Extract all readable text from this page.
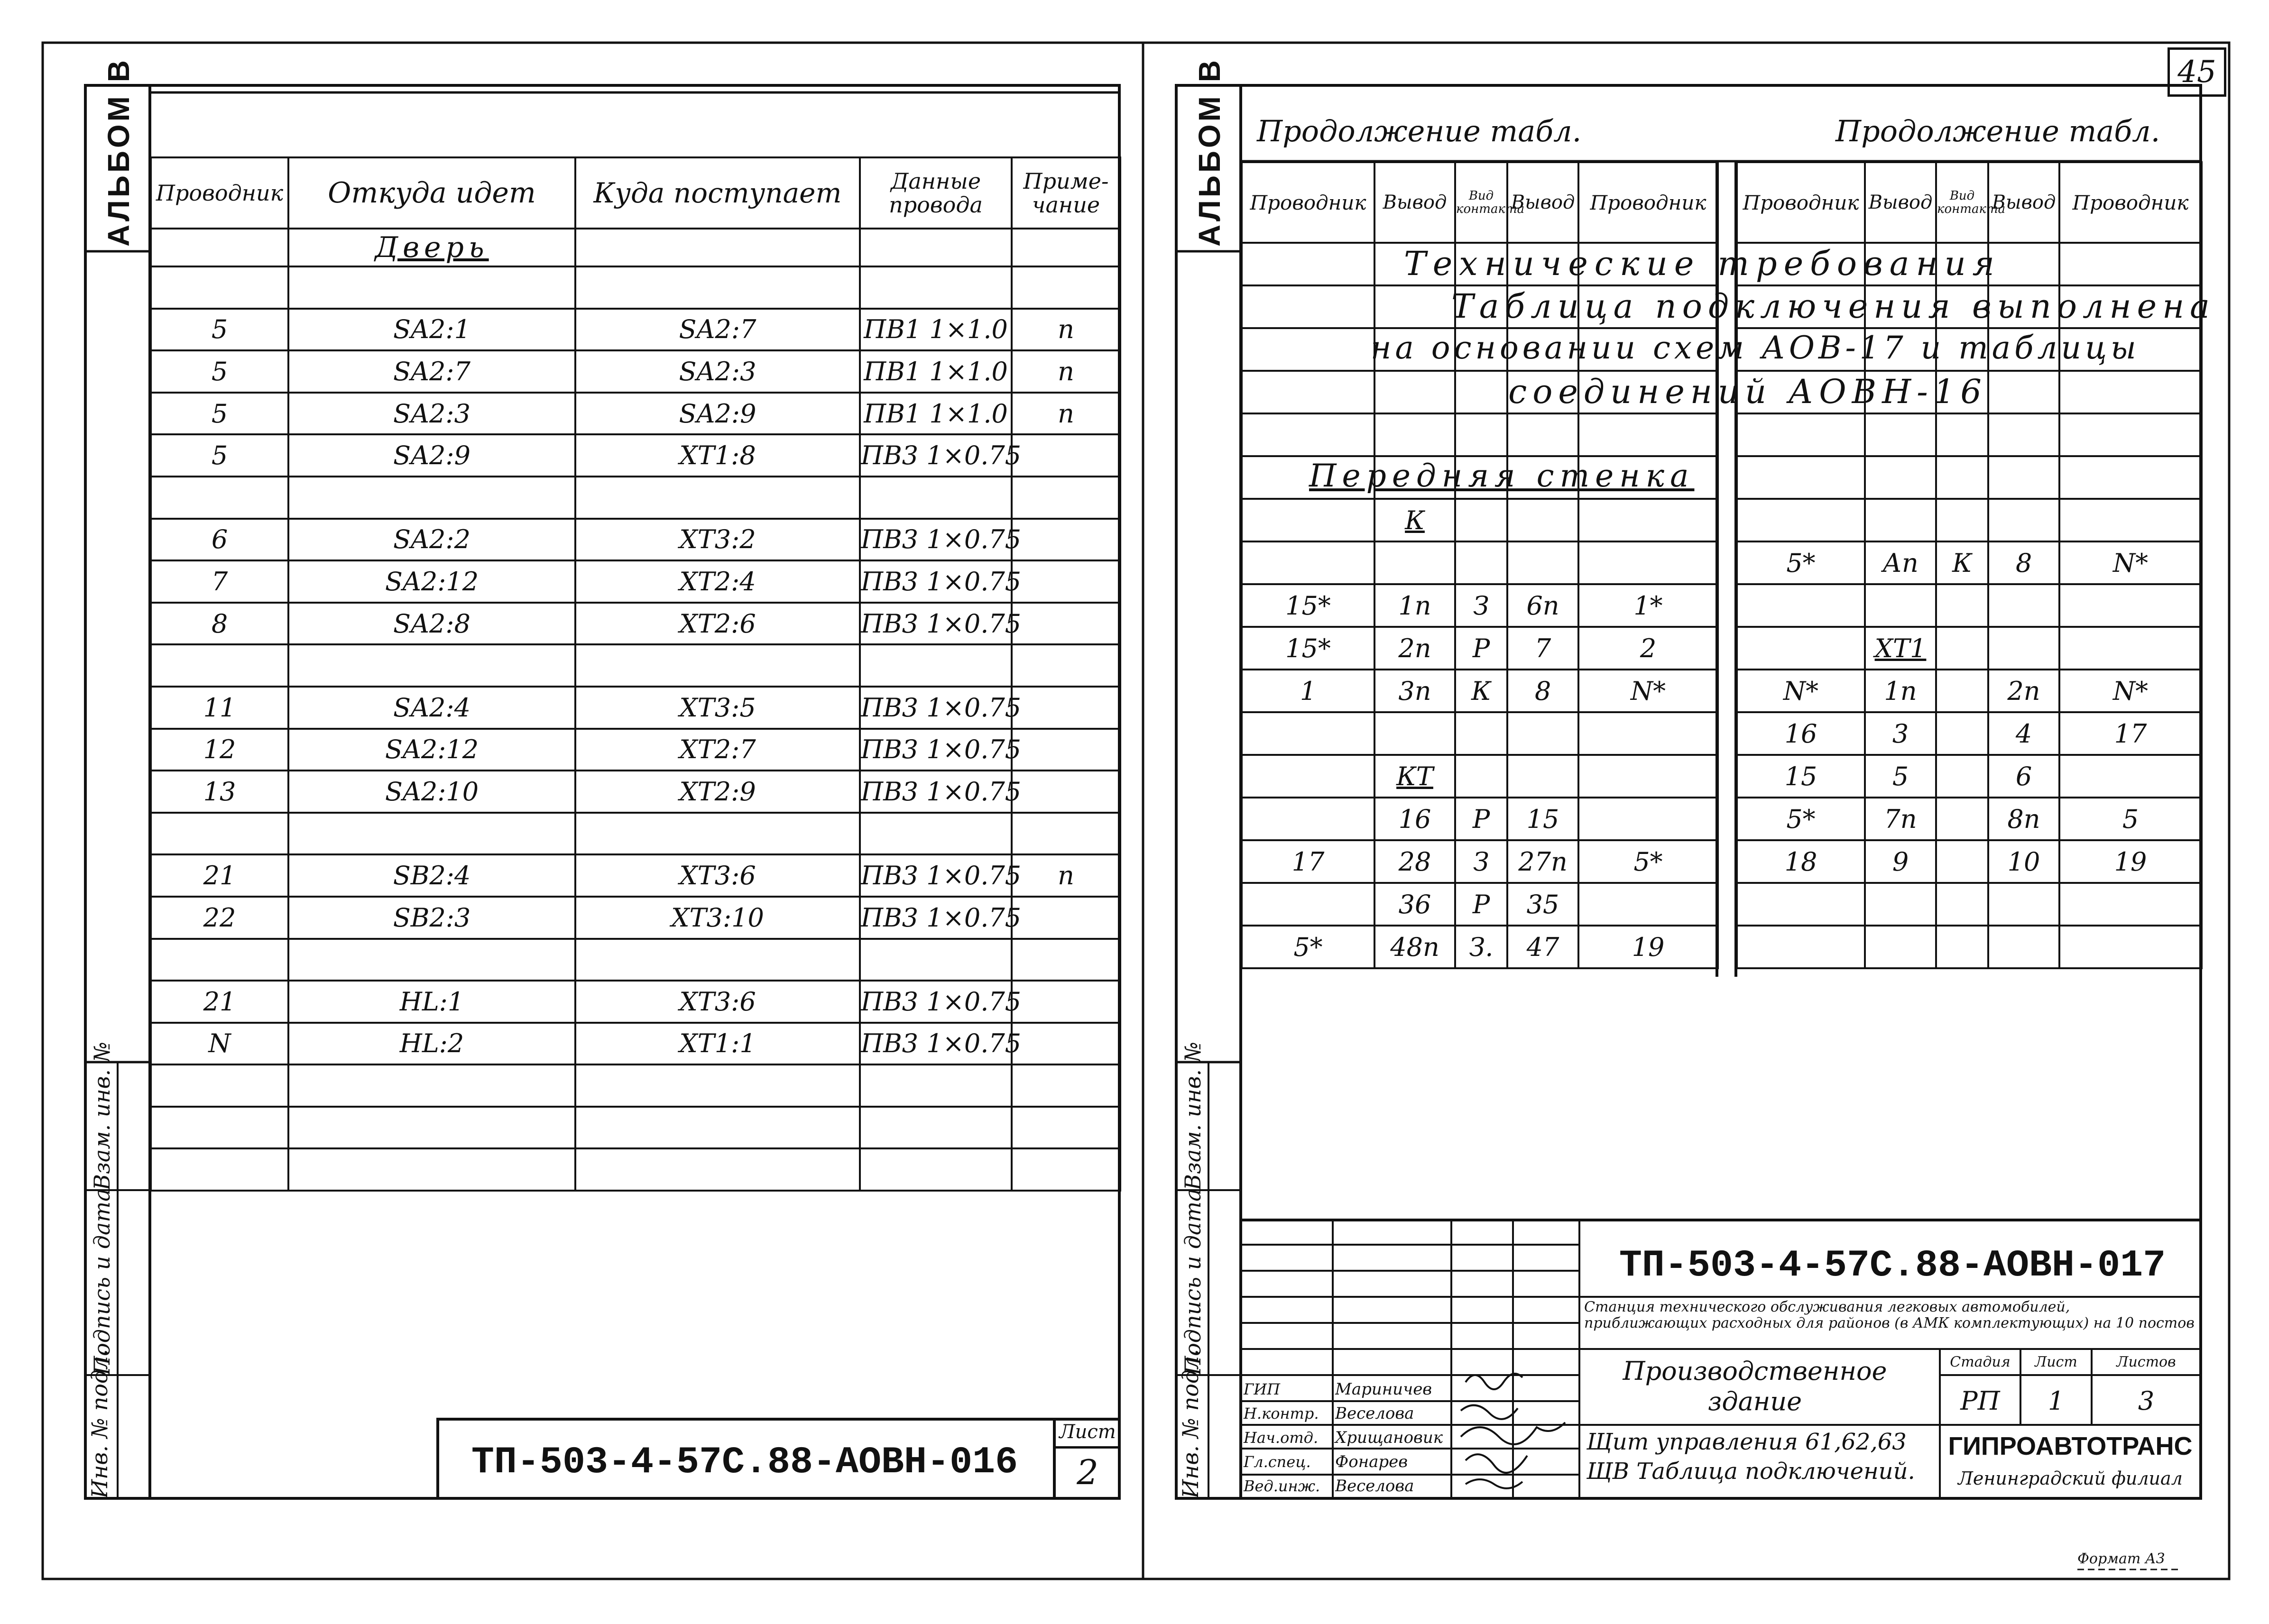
45
АЛЬБОМ В	АЛЬБОМ В
Взам. инв. №
Подпись и дата
Инв. № подл.
Взам. инв. №
Подпись и дата
Инв. № подл.
Проводник	Откуда идет	Куда поступает	Данные провода	Приме-чание
	Дверь			

5	SA2:1	SA2:7	ПВ1 1×1.0	п
5	SA2:7	SA2:3	ПВ1 1×1.0	п
5	SA2:3	SA2:9	ПВ1 1×1.0	п
5	SA2:9	XT1:8	ПВ3 1×0.75	

6	SA2:2	XT3:2	ПВ3 1×0.75	
7	SA2:12	XT2:4	ПВ3 1×0.75	
8	SA2:8	XT2:6	ПВ3 1×0.75	

11	SA2:4	XT3:5	ПВ3 1×0.75	
12	SA2:12	XT2:7	ПВ3 1×0.75	
13	SA2:10	XT2:9	ПВ3 1×0.75	

21	SB2:4	XT3:6	ПВ3 1×0.75	п
22	SB2:3	XT3:10	ПВ3 1×0.75	

21	HL:1	XT3:6	ПВ3 1×0.75	
N	HL:2	XT1:1	ПВ3 1×0.75	

ТП-503-4-57С.88-АОВН-016
Лист
2
Продолжение табл.	Продолжение табл.
Проводник	Вывод	Вид контакта	Вывод	Проводник

	К			

15*	1п	З	6п	1*
15*	2п	Р	7	2
1	3п	К	8	N*

	КТ			
	16	Р	15	
17	28	З	27п	5*
	36	Р	35	
5*	48п	З.	47	19
Проводник	Вывод	Вид контакта	Вывод	Проводник

5*	Ап	К	8	N*

	ХТ1			
N*	1п		2п	N*
16	3		4	17
15	5		6	
5*	7п		8п	5
18	9		10	19

Технические требования
Таблица подключения выполнена
на основании схем АОВ-17 и таблицы
соединений АОВН-16
Передняя стенка
ТП-503-4-57С.88-АОВН-017
Станция технического обслуживания легковых автомобилей, приближающих расходных для районов (в АМК комплектующих) на 10 постов
Производственное здание
Щит управления 61,62,63 ЩВ Таблица подключений.
Стадия	Лист	Листов
РП	1	3
ГИПРОАВТОТРАНС
Ленинградский филиал
ГИП	Мариничев
Н.контр.	Веселова
Нач.отд.	Хрищановик
Гл.спец.	Фонарев
Вед.инж. Веселова
Формат А3
